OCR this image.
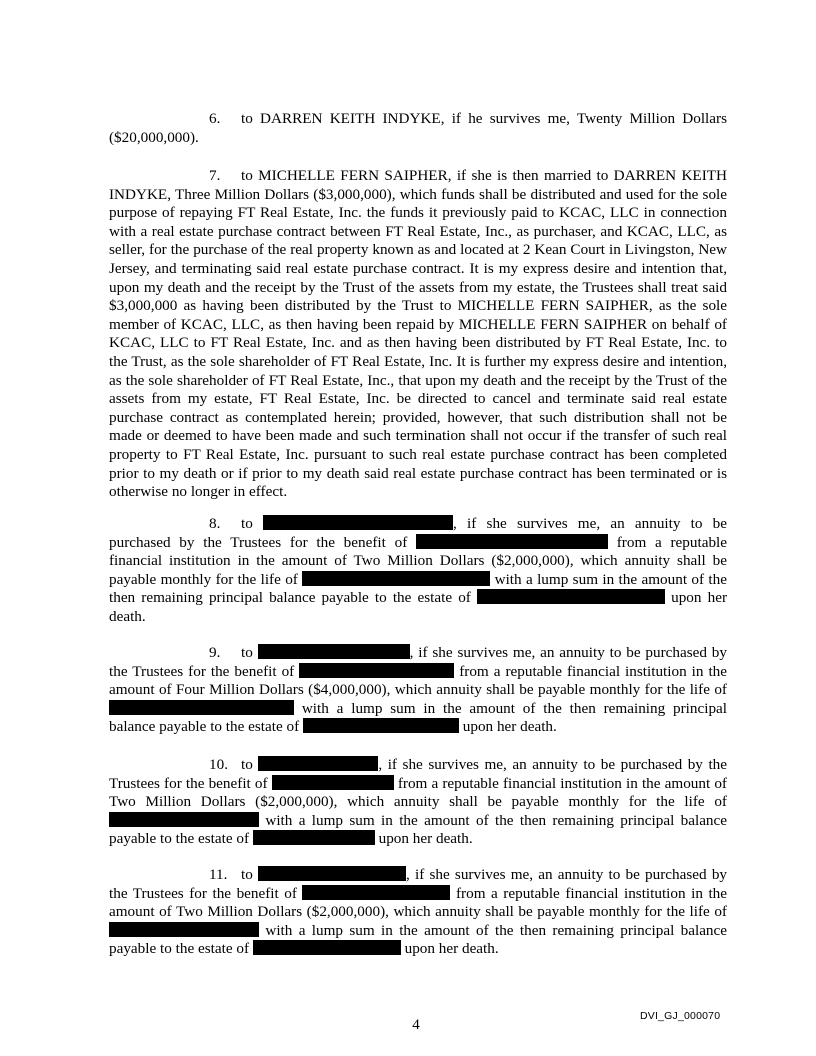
6. to DARREN KEITH INDYKE, if he survives me, Twenty Million Dollars ($20,000,000).
7. to MICHELLE FERN SAIPHER, if she is then married to DARREN KEITH INDYKE, Three Million Dollars ($3,000,000), which funds shall be distributed and used for the sole purpose of repaying FT Real Estate, Inc. the funds it previously paid to KCAC, LLC in connection with a real estate purchase contract between FT Real Estate, Inc., as purchaser, and KCAC, LLC, as seller, for the purchase of the real property known as and located at 2 Kean Court in Livingston, New Jersey, and terminating said real estate purchase contract. It is my express desire and intention that, upon my death and the receipt by the Trust of the assets from my estate, the Trustees shall treat said $3,000,000 as having been distributed by the Trust to MICHELLE FERN SAIPHER, as the sole member of KCAC, LLC, as then having been repaid by MICHELLE FERN SAIPHER on behalf of KCAC, LLC to FT Real Estate, Inc. and as then having been distributed by FT Real Estate, Inc. to the Trust, as the sole shareholder of FT Real Estate, Inc. It is further my express desire and intention, as the sole shareholder of FT Real Estate, Inc., that upon my death and the receipt by the Trust of the assets from my estate, FT Real Estate, Inc. be directed to cancel and terminate said real estate purchase contract as contemplated herein; provided, however, that such distribution shall not be made or deemed to have been made and such termination shall not occur if the transfer of such real property to FT Real Estate, Inc. pursuant to such real estate purchase contract has been completed prior to my death or if prior to my death said real estate purchase contract has been terminated or is otherwise no longer in effect.
8. to	, if she survives me, an annuity to be purchased by the Trustees for the benefit of	from a reputable financial institution in the amount of Two Million Dollars ($2,000,000), which annuity shall be payable monthly for the life of	with a lump sum in the amount of the then remaining principal balance payable to the estate of	upon her death.
9. to	, if she survives me, an annuity to be purchased by the Trustees for the benefit of	from a reputable financial institution in the amount of Four Million Dollars ($4,000,000), which annuity shall be payable monthly for the life of  with a lump sum in the amount of the then remaining principal balance payable to the estate of	upon her death.
10. to	, if she survives me, an annuity to be purchased by the Trustees for the benefit of	from a reputable financial institution in the amount of Two Million Dollars ($2,000,000), which annuity shall be payable monthly for the life of  with a lump sum in the amount of the then remaining principal balance payable to the estate of	upon her death.
11. to	, if she survives me, an annuity to be purchased by the Trustees for the benefit of	from a reputable financial institution in the amount of Two Million Dollars ($2,000,000), which annuity shall be payable monthly for the life of  with a lump sum in the amount of the then remaining principal balance payable to the estate of	upon her death.
DVI_GJ_000070
4
